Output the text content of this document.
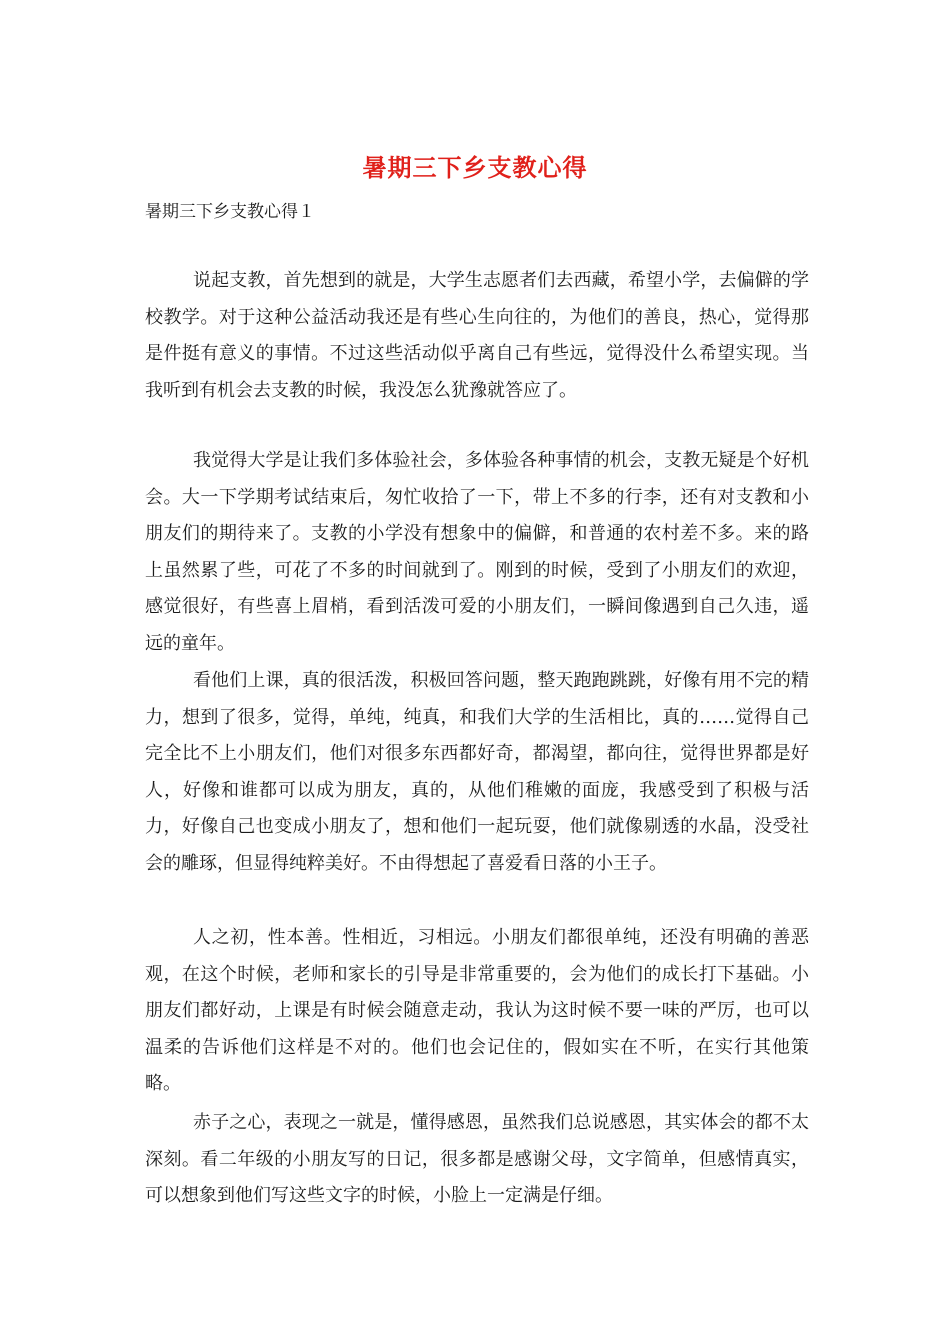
暑期三下乡支教心得
暑期三下乡支教心得１

说起支教，首先想到的就是，大学生志愿者们去西藏，希望小学，去偏僻的学校教学。对于这种公益活动我还是有些心生向往的，为他们的善良，热心，觉得那是件挺有意义的事情。不过这些活动似乎离自己有些远，觉得没什么希望实现。当我听到有机会去支教的时候，我没怎么犹豫就答应了。

我觉得大学是让我们多体验社会，多体验各种事情的机会，支教无疑是个好机会。大一下学期考试结束后，匆忙收拾了一下，带上不多的行李，还有对支教和小朋友们的期待来了。支教的小学没有想象中的偏僻，和普通的农村差不多。来的路上虽然累了些，可花了不多的时间就到了。刚到的时候，受到了小朋友们的欢迎，感觉很好，有些喜上眉梢，看到活泼可爱的小朋友们，一瞬间像遇到自己久违，遥远的童年。

看他们上课，真的很活泼，积极回答问题，整天跑跑跳跳，好像有用不完的精力，想到了很多，觉得，单纯，纯真，和我们大学的生活相比，真的……觉得自己完全比不上小朋友们，他们对很多东西都好奇，都渴望，都向往，觉得世界都是好人，好像和谁都可以成为朋友，真的，从他们稚嫩的面庞，我感受到了积极与活力，好像自己也变成小朋友了，想和他们一起玩耍，他们就像剔透的水晶，没受社会的雕琢，但显得纯粹美好。不由得想起了喜爱看日落的小王子。

人之初，性本善。性相近，习相远。小朋友们都很单纯，还没有明确的善恶观，在这个时候，老师和家长的引导是非常重要的，会为他们的成长打下基础。小朋友们都好动，上课是有时候会随意走动，我认为这时候不要一味的严厉，也可以温柔的告诉他们这样是不对的。他们也会记住的，假如实在不听，在实行其他策略。

赤子之心，表现之一就是，懂得感恩，虽然我们总说感恩，其实体会的都不太深刻。看二年级的小朋友写的日记，很多都是感谢父母，文字简单，但感情真实，可以想象到他们写这些文字的时候，小脸上一定满是仔细。
